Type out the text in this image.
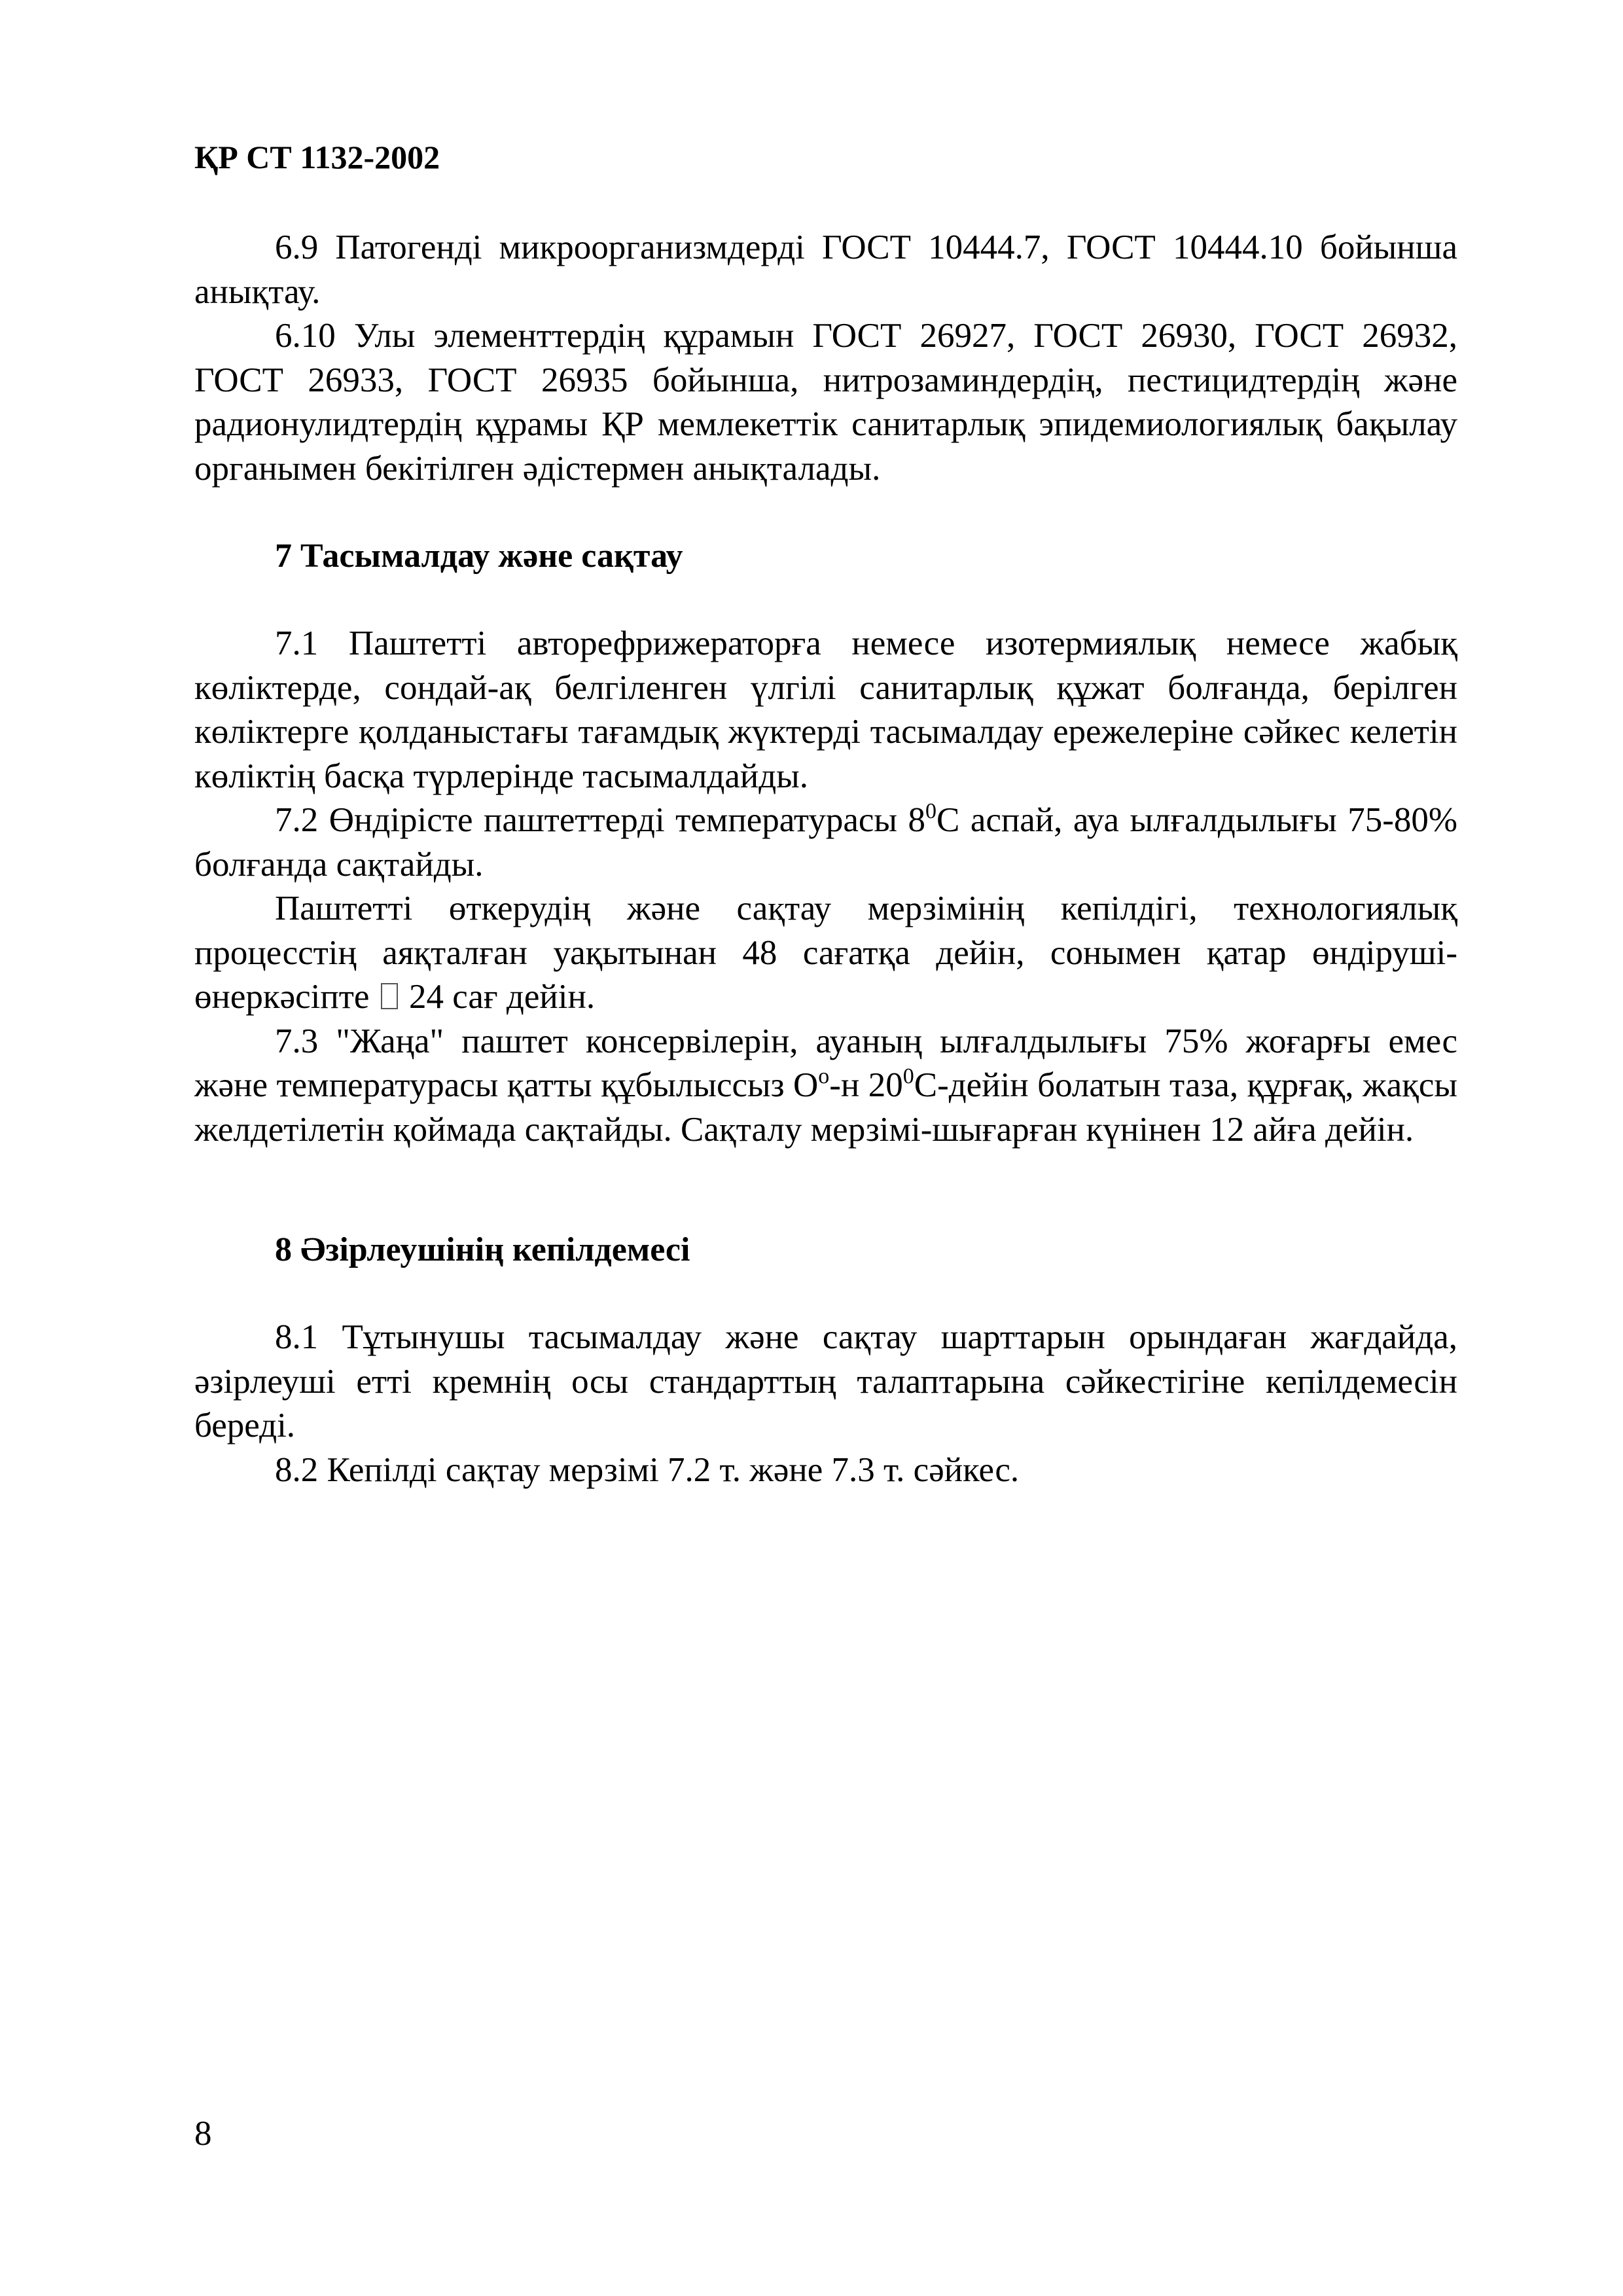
ҚР СТ 1132-2002

6.9 Патогенді микроорганизмдерді ГОСТ 10444.7, ГОСТ 10444.10 бойынша анықтау.

6.10 Улы элементтердің құрамын ГОСТ 26927, ГОСТ 26930, ГОСТ 26932, ГОСТ 26933, ГОСТ 26935 бойынша, нитрозаминдердің, пестицидтердің және радионулидтердің құрамы ҚР мемлекеттік санитарлық эпидемиологиялық бақылау органымен бекітілген әдістермен анықталады.

7 Тасымалдау және сақтау

7.1 Паштетті авторефрижераторға немесе изотермиялық немесе жабық көліктерде, сондай-ақ белгіленген үлгілі санитарлық құжат болғанда, берілген көліктерге қолданыстағы тағамдық жүктерді тасымалдау ережелеріне сәйкес келетін көліктің басқа түрлерінде тасымалдайды.

7.2 Өндірісте паштеттерді температурасы $8^0С$ аспай, ауа ылғалдылығы 75-80% болғанда сақтайды.

Паштетті өткерудің және сақтау мерзімінің кепілдігі, технологиялық процесстің аяқталған уақытынан 48 сағатқа дейін, сонымен қатар өндіруші-өнеркәсіпте 24 сағ дейін.

7.3 "Жаңа" паштет консервілерін, ауаның ылғалдылығы 75% жоғарғы емес және температурасы қатты құбылыссыз $О^о-н$ $20^0С$-дейін болатын таза, құрғақ, жақсы желдетілетін қоймада сақтайды. Сақталу мерзімі-шығарған күнінен 12 айға дейін.

8 Әзірлеушінің кепілдемесі

8.1 Тұтынушы тасымалдау және сақтау шарттарын орындаған жағдайда, әзірлеуші етті кремнің осы стандарттың талаптарына сәйкестігіне кепілдемесін береді.

8.2 Кепілді сақтау мерзімі 7.2 т. және 7.3 т. сәйкес.

8
